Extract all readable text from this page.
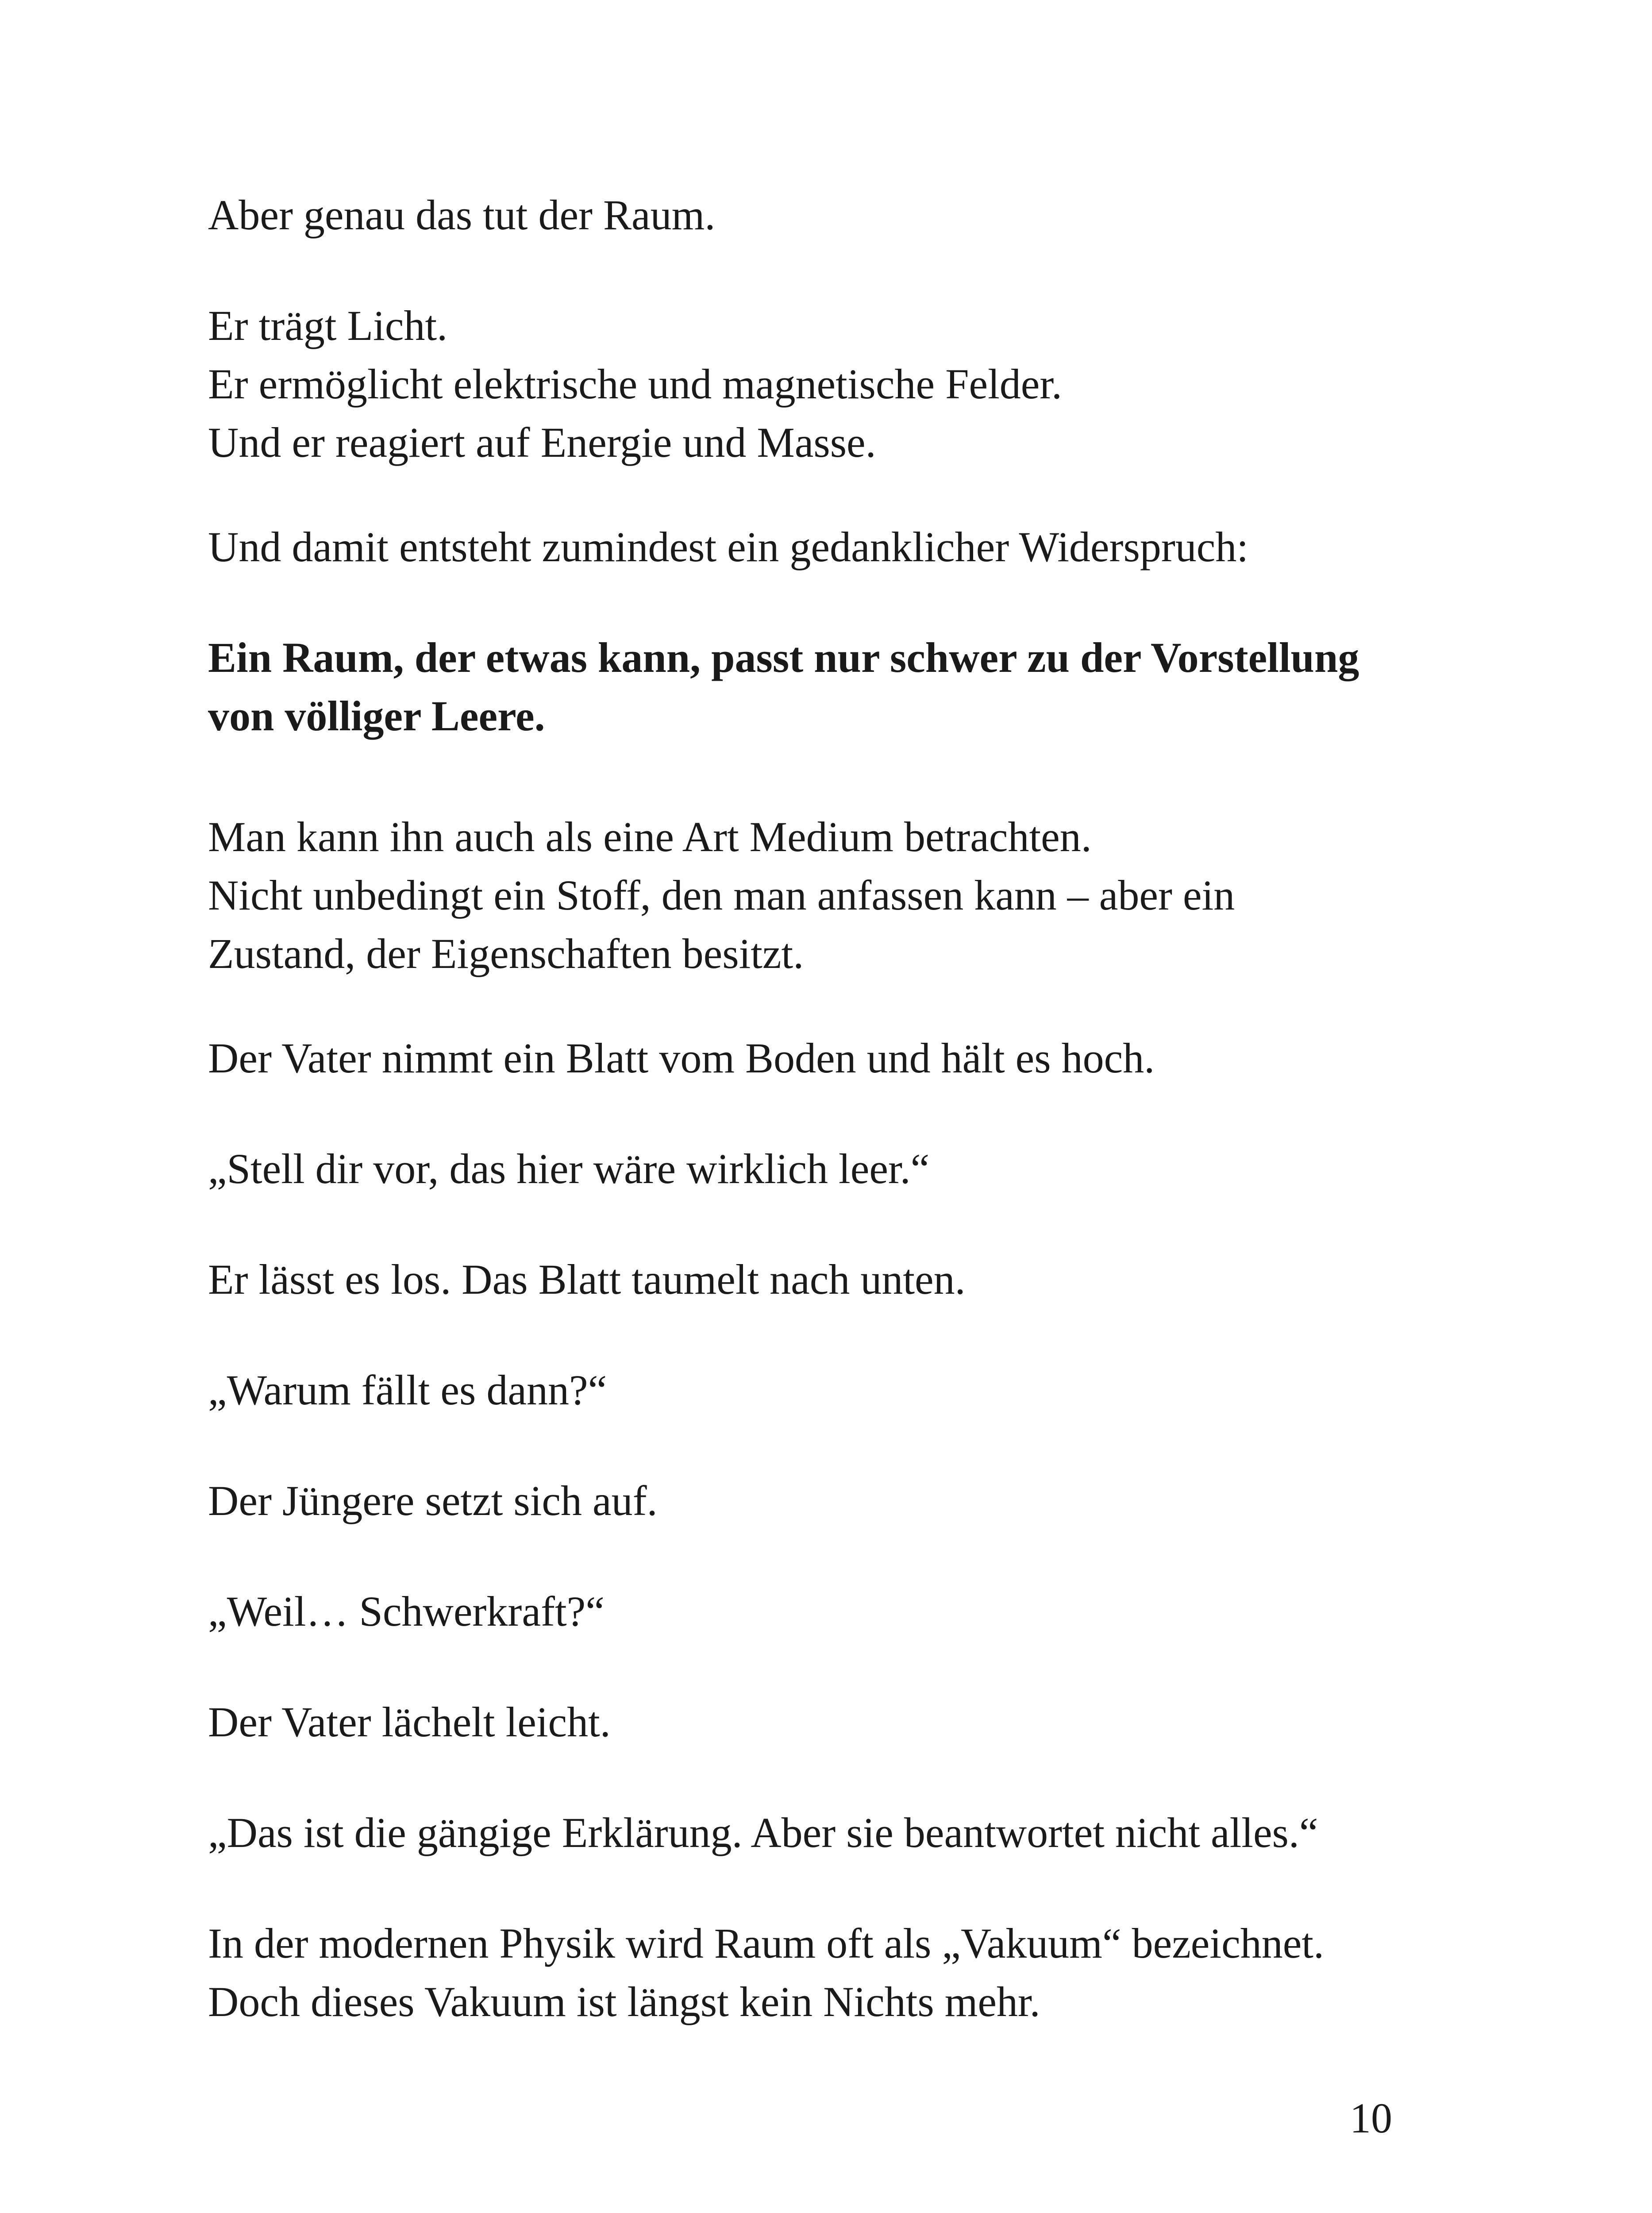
Aber genau das tut der Raum.
Er trägt Licht.
Er ermöglicht elektrische und magnetische Felder.
Und er reagiert auf Energie und Masse.
Und damit entsteht zumindest ein gedanklicher Widerspruch:
Ein Raum, der etwas kann, passt nur schwer zu der Vorstellung
von völliger Leere.
Man kann ihn auch als eine Art Medium betrachten.
Nicht unbedingt ein Stoff, den man anfassen kann – aber ein
Zustand, der Eigenschaften besitzt.
Der Vater nimmt ein Blatt vom Boden und hält es hoch.
„Stell dir vor, das hier wäre wirklich leer.“
Er lässt es los. Das Blatt taumelt nach unten.
„Warum fällt es dann?“
Der Jüngere setzt sich auf.
„Weil… Schwerkraft?“
Der Vater lächelt leicht.
„Das ist die gängige Erklärung. Aber sie beantwortet nicht alles.“
In der modernen Physik wird Raum oft als „Vakuum“ bezeichnet.
Doch dieses Vakuum ist längst kein Nichts mehr.
10
